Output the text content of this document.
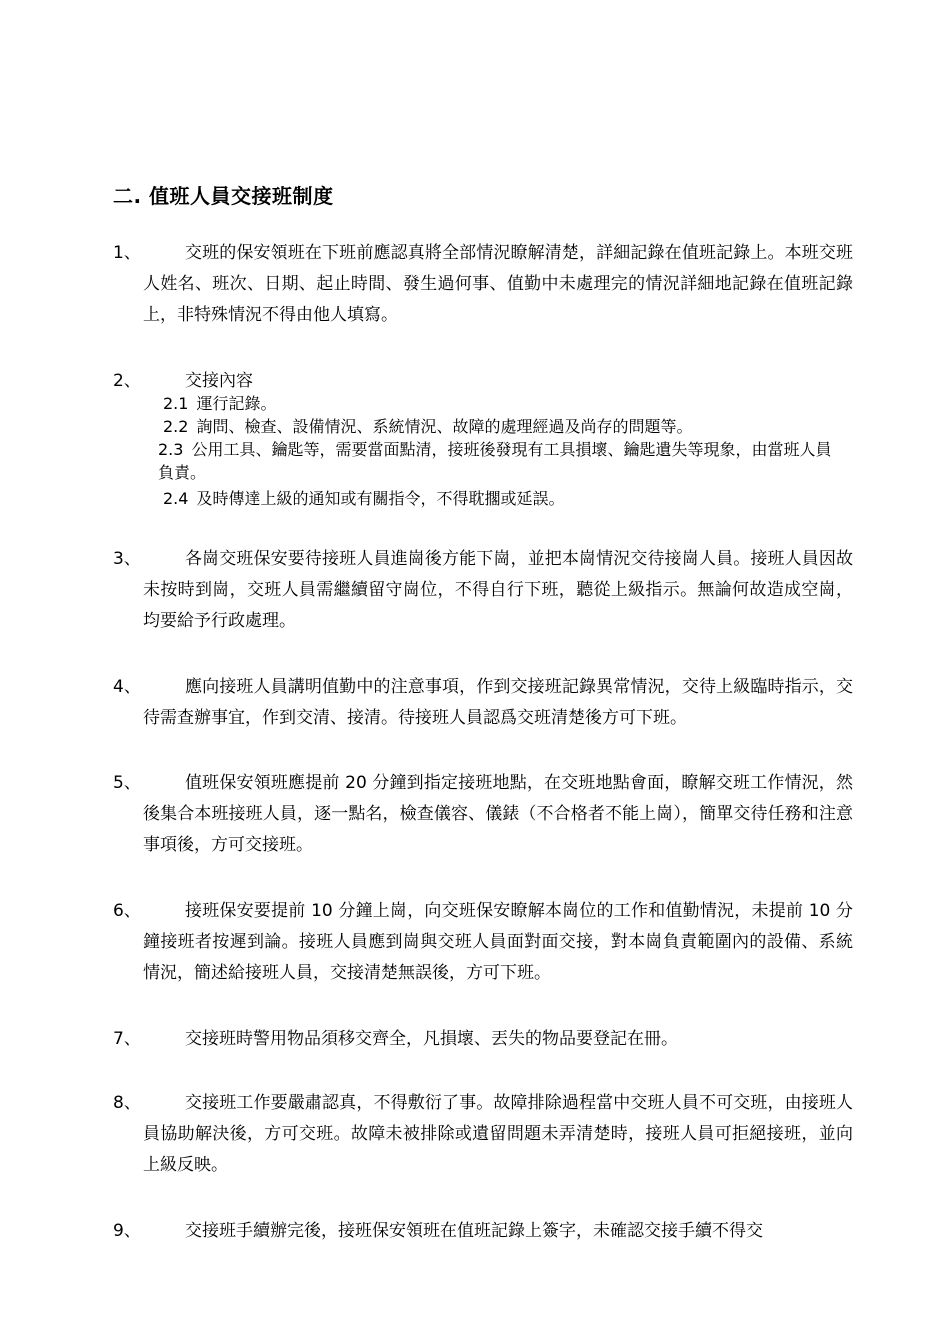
二. 值班人員交接班制度
1、	交班的保安領班在下班前應認真將全部情況瞭解清楚，詳細記錄在值班記錄上。本班交班人姓名、班次、日期、起止時間、發生過何事、值勤中未處理完的情況詳細地記錄在值班記錄上，非特殊情況不得由他人填寫。
2、	交接內容
2.1 運行記錄。
2.2 詢問、檢查、設備情況、系統情況、故障的處理經過及尚存的問題等。
2.3 公用工具、鑰匙等，需要當面點清，接班後發現有工具損壞、鑰匙遺失等現象，由當班人員負責。
2.4 及時傳達上級的通知或有關指令，不得耽擱或延誤。
3、	各崗交班保安要待接班人員進崗後方能下崗，並把本崗情況交待接崗人員。接班人員因故未按時到崗，交班人員需繼續留守崗位，不得自行下班，聽從上級指示。無論何故造成空崗，均要給予行政處理。
4、	應向接班人員講明值勤中的注意事項，作到交接班記錄異常情況，交待上級臨時指示，交待需查辦事宜，作到交清、接清。待接班人員認爲交班清楚後方可下班。
5、	值班保安領班應提前 20 分鐘到指定接班地點，在交班地點會面，瞭解交班工作情況，然後集合本班接班人員，逐一點名，檢查儀容、儀錶（不合格者不能上崗），簡單交待任務和注意事項後，方可交接班。
6、	接班保安要提前 10 分鐘上崗，向交班保安瞭解本崗位的工作和值勤情況，未提前 10 分鐘接班者按遲到論。接班人員應到崗與交班人員面對面交接，對本崗負責範圍內的設備、系統情況，簡述給接班人員，交接清楚無誤後，方可下班。
7、	交接班時警用物品須移交齊全，凡損壞、丟失的物品要登記在冊。
8、	交接班工作要嚴肅認真，不得敷衍了事。故障排除過程當中交班人員不可交班，由接班人員協助解決後，方可交班。故障未被排除或遺留問題未弄清楚時，接班人員可拒絕接班，並向上級反映。
9、	交接班手續辦完後，接班保安領班在值班記錄上簽字，未確認交接手續不得交
